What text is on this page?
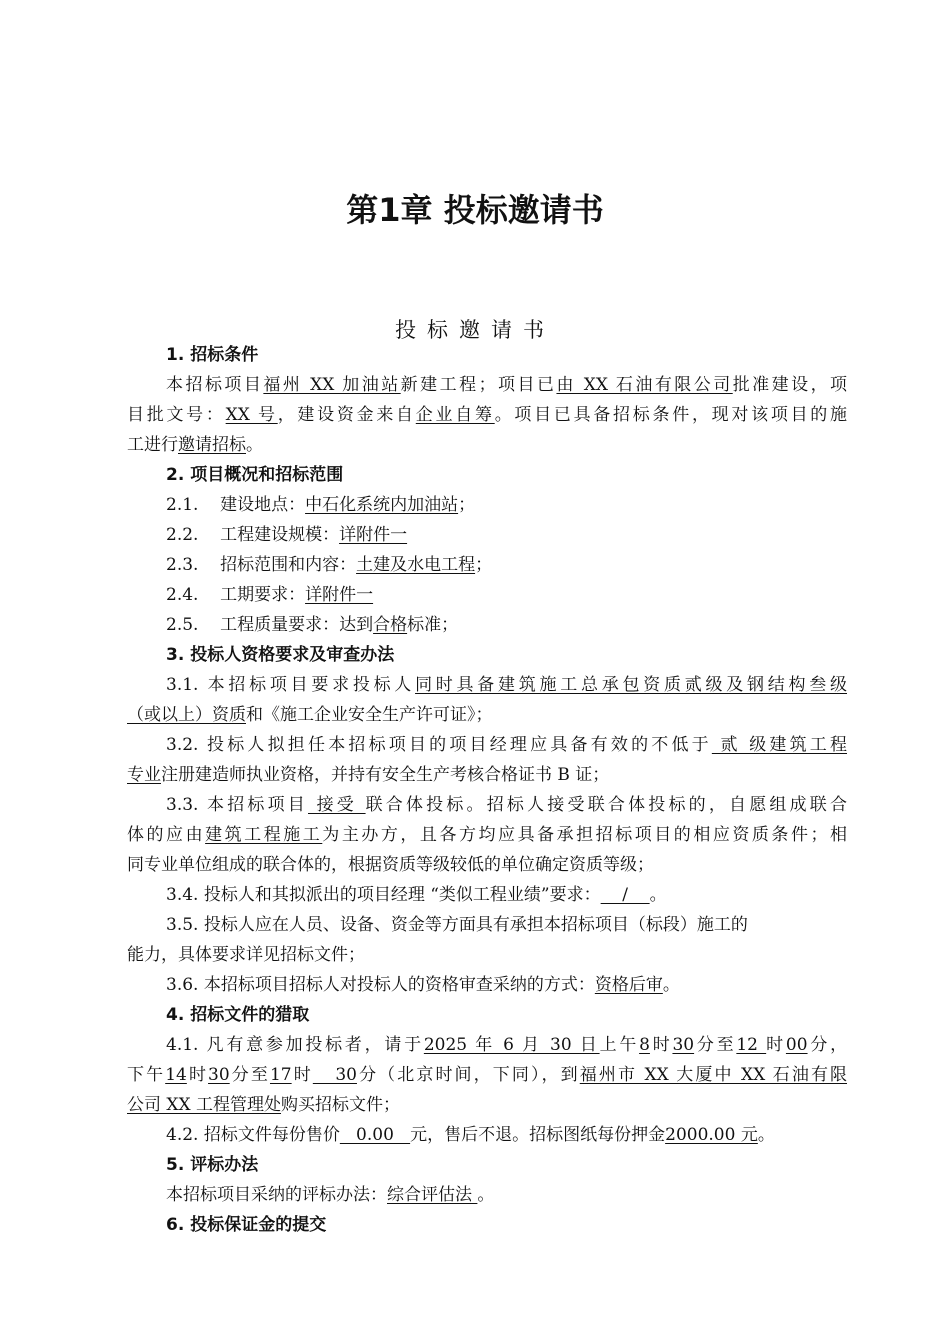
第1章 投标邀请书
投标邀请书
1. 招标条件
本招标项目福州 XX 加油站新建工程；项目已由 XX 石油有限公司批准建设，项
目批文号：XX 号，建设资金来自企业自筹。项目已具备招标条件，现对该项目的施
工进行邀请招标。
2. 项目概况和招标范围
2.1. 建设地点：中石化系统内加油站；
2.2. 工程建设规模：详附件一
2.3. 招标范围和内容：土建及水电工程；
2.4. 工期要求：详附件一
2.5. 工程质量要求：达到合格标准；
3. 投标人资格要求及审查办法
3.1. 本招标项目要求投标人同时具备建筑施工总承包资质贰级及钢结构叁级
（或以上）资质和《施工企业安全生产许可证》；
3.2. 投标人拟担任本招标项目的项目经理应具备有效的不低于 贰 级建筑工程
专业注册建造师执业资格，并持有安全生产考核合格证书 B 证；
3.3. 本招标项目 接受 联合体投标。招标人接受联合体投标的，自愿组成联合
体的应由建筑工程施工为主办方，且各方均应具备承担招标项目的相应资质条件；相
同专业单位组成的联合体的，根据资质等级较低的单位确定资质等级；
3.4. 投标人和其拟派出的项目经理 “类似工程业绩”要求：    /    。
3.5. 投标人应在人员、设备、资金等方面具有承担本招标项目（标段）施工的
能力，具体要求详见招标文件；
3.6. 本招标项目招标人对投标人的资格审查采纳的方式：资格后审。
4. 招标文件的猎取
4.1. 凡有意参加投标者，请于2025 年 6 月 30 日上午8时30分至12 时00分，
下午14时30分至17时   30分（北京时间，下同），到福州市 XX 大厦中 XX 石油有限
公司 XX 工程管理处购买招标文件；
4.2. 招标文件每份售价   0.00   元，售后不退。招标图纸每份押金2000.00 元。
5. 评标办法
本招标项目采纳的评标办法：综合评估法 。
6. 投标保证金的提交
